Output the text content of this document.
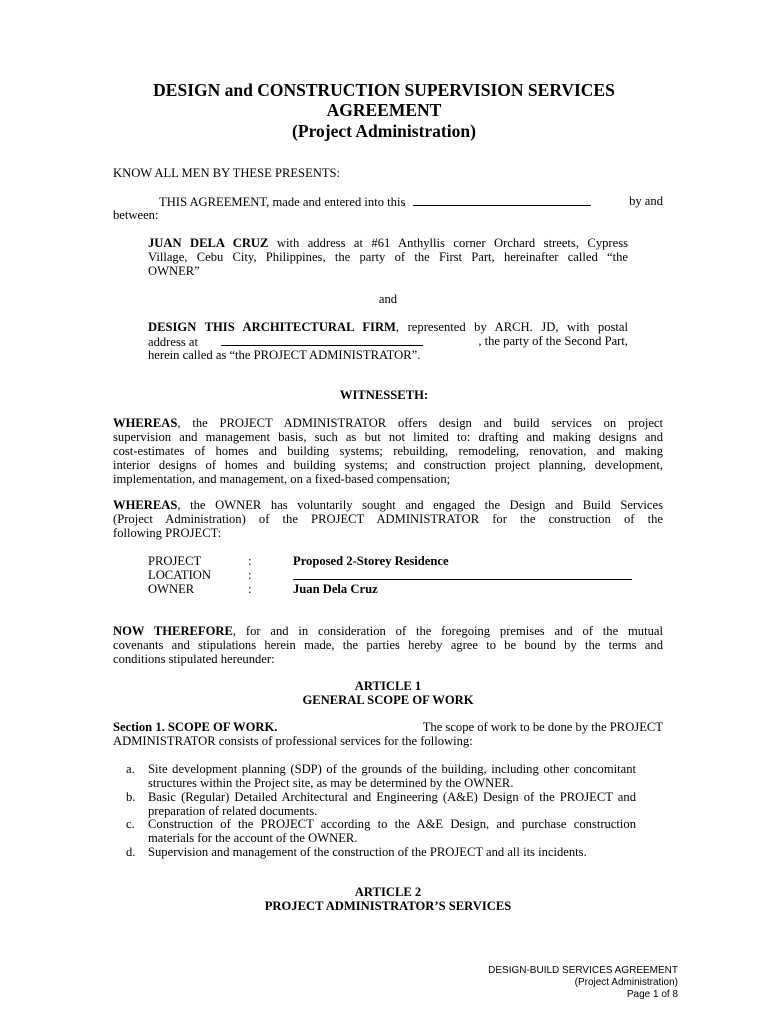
DESIGN and CONSTRUCTION SUPERVISION SERVICES

AGREEMENT

(Project Administration)

KNOW ALL MEN BY THESE PRESENTS:

THIS AGREEMENT, made and entered into this	by and

between:

JUAN DELA CRUZ with address at #61 Anthyllis corner Orchard streets, Cypress

Village, Cebu City, Philippines, the party of the First Part, hereinafter called “the

OWNER”

and

DESIGN THIS ARCHITECTURAL FIRM, represented by ARCH. JD, with postal

address at	, the party of the Second Part,

herein called as “the PROJECT ADMINISTRATOR”.

WITNESSETH:

WHEREAS, the PROJECT ADMINISTRATOR offers design and build services on project

supervision and management basis, such as but not limited to: drafting and making designs and

cost-estimates of homes and building systems; rebuilding, remodeling, renovation, and making

interior designs of homes and building systems; and construction project planning, development,

implementation, and management, on a fixed-based compensation;

WHEREAS, the OWNER has voluntarily sought and engaged the Design and Build Services

(Project Administration) of the PROJECT ADMINISTRATOR for the construction of the

following PROJECT:

PROJECT	:	Proposed 2-Storey Residence
LOCATION	:
OWNER	:	Juan Dela Cruz

NOW THEREFORE, for and in consideration of the foregoing premises and of the mutual

covenants and stipulations herein made, the parties hereby agree to be bound by the terms and

conditions stipulated hereunder:

ARTICLE 1

GENERAL SCOPE OF WORK

Section 1. SCOPE OF WORK.	The scope of work to be done by the PROJECT

ADMINISTRATOR consists of professional services for the following:

a. Site development planning (SDP) of the grounds of the building, including other concomitant structures within the Project site, as may be determined by the OWNER.
b. Basic (Regular) Detailed Architectural and Engineering (A&E) Design of the PROJECT and preparation of related documents.
c. Construction of the PROJECT according to the A&E Design, and purchase construction materials for the account of the OWNER.
d. Supervision and management of the construction of the PROJECT and all its incidents.

ARTICLE 2

PROJECT ADMINISTRATOR’S SERVICES

DESIGN-BUILD SERVICES AGREEMENT

(Project Administration)

Page 1 of 8
